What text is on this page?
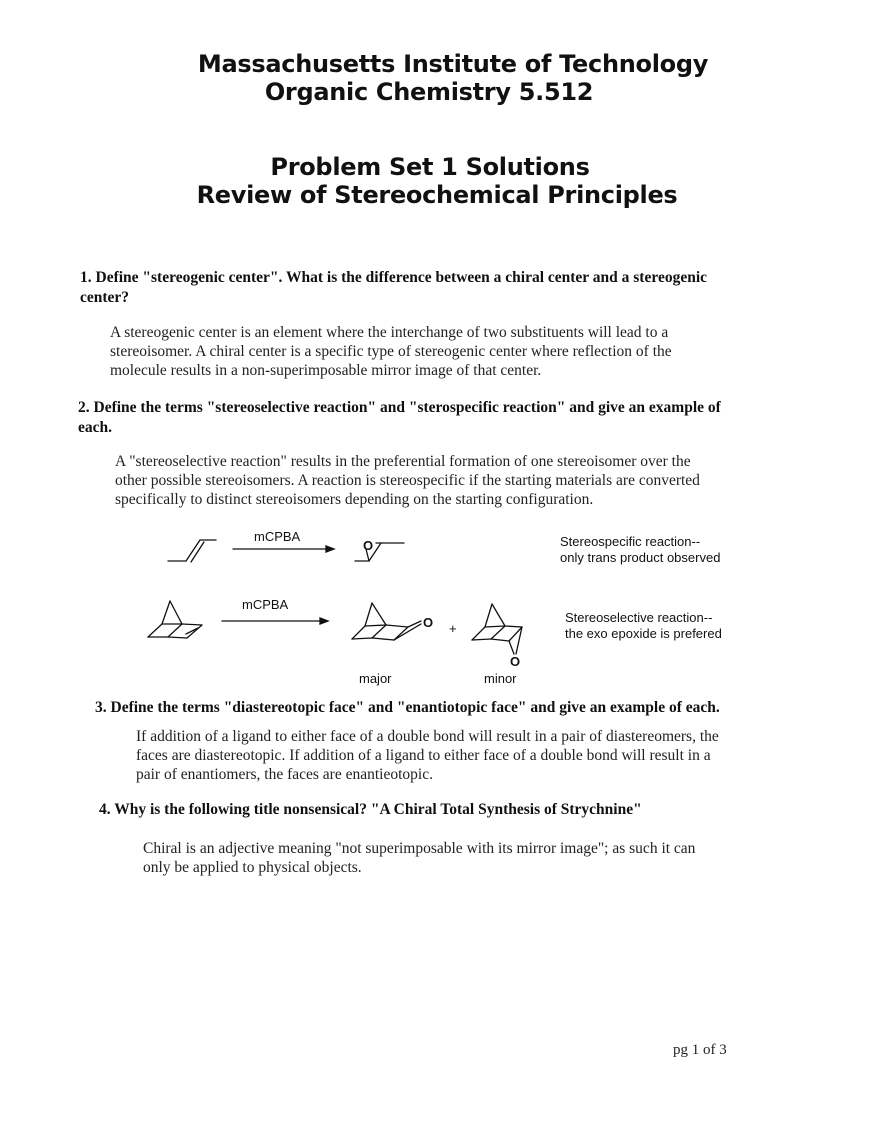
Massachusetts Institute of Technology
Organic Chemistry 5.512
Problem Set 1 Solutions
Review of Stereochemical Principles
1. Define "stereogenic center". What is the difference between a chiral center and a stereogenic
center?
A stereogenic center is an element where the interchange of two substituents will lead to a
stereoisomer. A chiral center is a specific type of stereogenic center where reflection of the
molecule results in a non-superimposable mirror image of that center.
2. Define the terms "stereoselective reaction" and "sterospecific reaction" and give an example of
each.
A "stereoselective reaction" results in the preferential formation of one stereoisomer over the
other possible stereoisomers. A reaction is stereospecific if the starting materials are converted
specifically to distinct stereoisomers depending on the starting configuration.
mCPBA
O	Stereospecific reaction--
only trans product observed
mCPBA
O +
O
Stereoselective reaction--
the exo epoxide is prefered
major	minor
3. Define the terms "diastereotopic face" and "enantiotopic face" and give an example of each.
If addition of a ligand to either face of a double bond will result in a pair of diastereomers, the
faces are diastereotopic. If addition of a ligand to either face of a double bond will result in a
pair of enantiomers, the faces are enantieotopic.
4. Why is the following title nonsensical? "A Chiral Total Synthesis of Strychnine"
Chiral is an adjective meaning "not superimposable with its mirror image"; as such it can
only be applied to physical objects.
pg 1 of 3
